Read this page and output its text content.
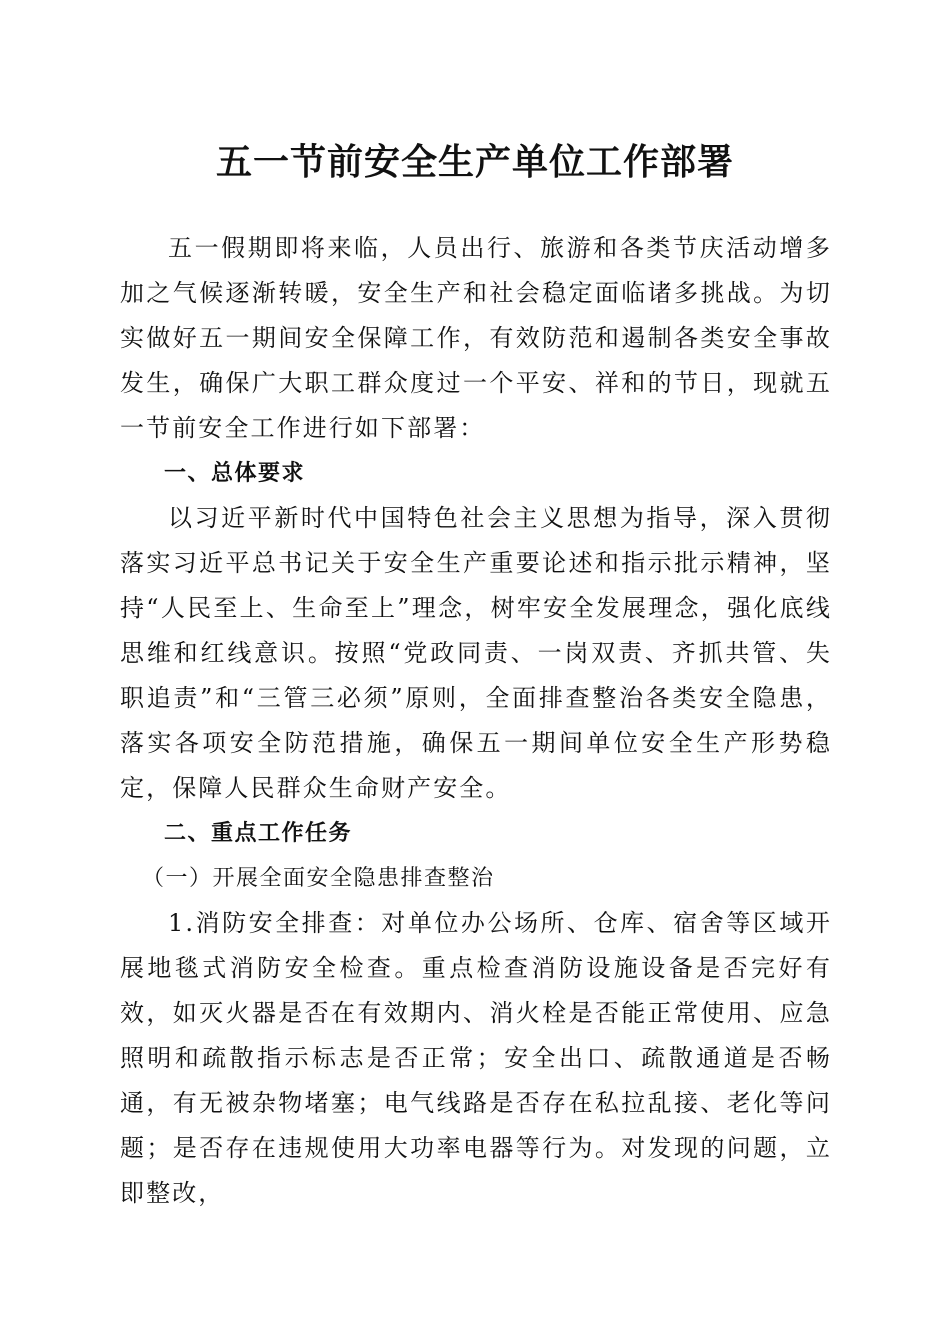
五一节前安全生产单位工作部署

五一假期即将来临，人员出行、旅游和各类节庆活动增多加之气候逐渐转暖，安全生产和社会稳定面临诸多挑战。为切实做好五一期间安全保障工作，有效防范和遏制各类安全事故发生，确保广大职工群众度过一个平安、祥和的节日，现就五一节前安全工作进行如下部署：

一、总体要求

以习近平新时代中国特色社会主义思想为指导，深入贯彻落实习近平总书记关于安全生产重要论述和指示批示精神，坚持“人民至上、生命至上”理念，树牢安全发展理念，强化底线思维和红线意识。按照“党政同责、一岗双责、齐抓共管、失职追责”和“三管三必须”原则，全面排查整治各类安全隐患，落实各项安全防范措施，确保五一期间单位安全生产形势稳定，保障人民群众生命财产安全。

二、重点工作任务
（一）开展全面安全隐患排查整治

1.消防安全排查：对单位办公场所、仓库、宿舍等区域开展地毯式消防安全检查。重点检查消防设施设备是否完好有效，如灭火器是否在有效期内、消火栓是否能正常使用、应急照明和疏散指示标志是否正常；安全出口、疏散通道是否畅通，有无被杂物堵塞；电气线路是否存在私拉乱接、老化等问题；是否存在违规使用大功率电器等行为。对发现的问题，立即整改，
